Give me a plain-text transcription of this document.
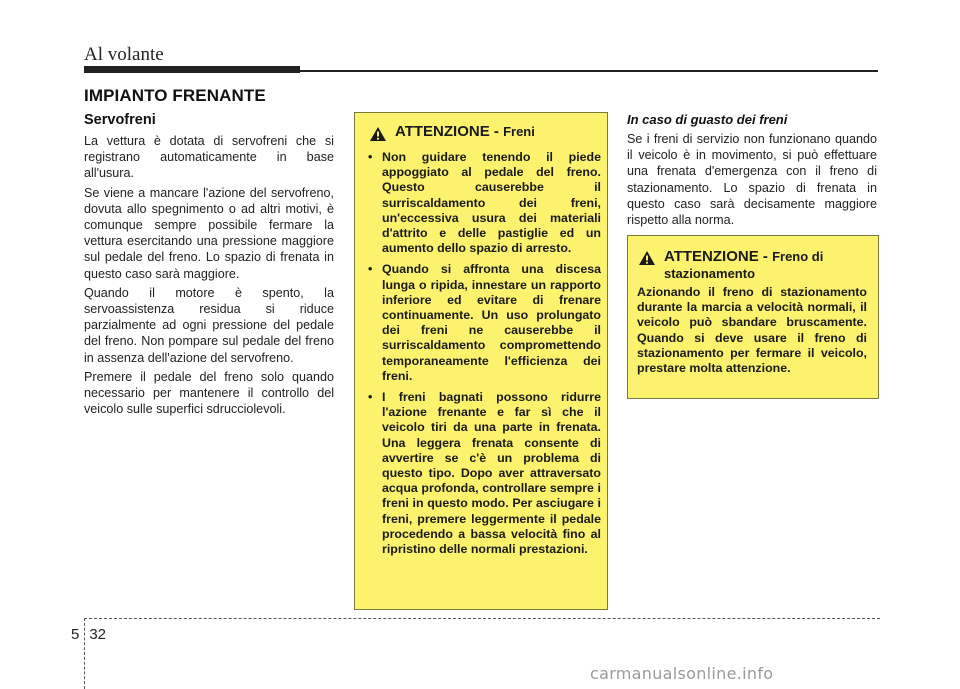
Al volante
IMPIANTO FRENANTE
Servofreni

La vettura è dotata di servofreni che si registrano automaticamente in base all'usura.

Se viene a mancare l'azione del servofreno, dovuta allo spegnimento o ad altri motivi, è comunque sempre possibile fermare la vettura esercitando una pressione maggiore sul pedale del freno. Lo spazio di frenata in questo caso sarà maggiore.

Quando il motore è spento, la servoassistenza residua si riduce parzialmente ad ogni pressione del pedale del freno. Non pompare sul pedale del freno in assenza dell'azione del servofreno.

Premere il pedale del freno solo quando necessario per mantenere il controllo del veicolo sulle superfici sdrucciolevoli.

ATTENZIONE - Freni
• Non guidare tenendo il piede appoggiato al pedale del freno. Questo causerebbe il surriscaldamento dei freni, un'eccessiva usura dei materiali d'attrito e delle pastiglie ed un aumento dello spazio di arresto.
• Quando si affronta una discesa lunga o ripida, innestare un rapporto inferiore ed evitare di frenare continuamente. Un uso prolungato dei freni ne causerebbe il surriscaldamento compromettendo temporaneamente l'efficienza dei freni.
• I freni bagnati possono ridurre l'azione frenante e far sì che il veicolo tiri da una parte in frenata. Una leggera frenata consente di avvertire se c'è un problema di questo tipo. Dopo aver attraversato acqua profonda, controllare sempre i freni in questo modo. Per asciugare i freni, premere leggermente il pedale procedendo a bassa velocità fino al ripristino delle normali prestazioni.
In caso di guasto dei freni

Se i freni di servizio non funzionano quando il veicolo è in movimento, si può effettuare una frenata d'emergenza con il freno di stazionamento. Lo spazio di frenata in questo caso sarà decisamente maggiore rispetto alla norma.

ATTENZIONE - Freno di stazionamento
Azionando il freno di stazionamento durante la marcia a velocità normali, il veicolo può sbandare bruscamente. Quando si deve usare il freno di stazionamento per fermare il veicolo, prestare molta attenzione.
5 32
carmanualsonline.info
